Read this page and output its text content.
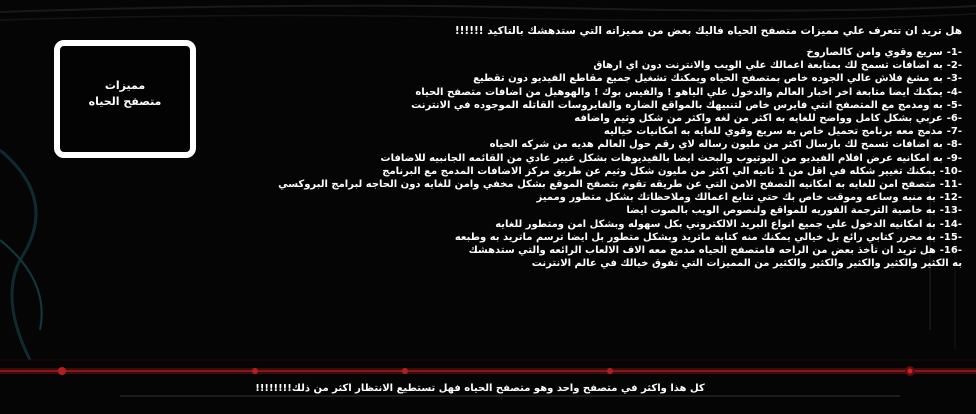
مميزات
متصفح الحياه
هل تريد ان تتعرف علي مميزات متصفح الحياه فاليك بعض من مميزاته التي ستدهشك بالتاكيد !!!!!!
-1-سريع وقوي وامن كالصاروخ
-2-به اضافات تسمح لك بمتابعة اعمالك علي الويب والانترنت دون اي ارهاق
-3-به مشغ فلاش عالي الجوده خاص بمتصفح الحياه ويمكنك تشغيل جميع مقاطع الفيديو دون تقطيع
-4-يمكنك ايضا متابعة اخر اخبار العالم والدخول علي الياهو ! والفيس بوك ! والهوهيل من اضافات متصفح الحياه
-5-به ومدمج مع المتصفح انتي فايرس خاص لتنبيهك بالمواقع الضاره والفايروسات القاتله الموجوده في الانترنت
-6-عربي بشكل كامل وواضح للغايه به اكثر من لغه واكثر من شكل وثيم واضافه
-7-مدمج معه برنامج تحميل خاص به سريع وقوي للغايه به امكانيات خياليه
-8-به اضافات تسمح لك بارسال اكثر من مليون رساله لاي رقم حول العالم هديه من شركه الحياه
-9-به امكانيه عرض افلام الفيديو من اليوتيوب والبحث ايضا بالفيديوهات بشكل غيير عادي من القائمه الجانبيه للاضافات
-10-يمكنك تغيير شكله في اقل من 1 ثانيه الي اكثر من مليون شكل وثيم عن طريق مركز الاضافات المدمج مع البرنامج
-11-متصفح امن للغايه به امكانيه التصفح الامن التي عن طريقه تقوم بتصفح الموقع بشكل مخفي وامن للغايه دون الحاجه لبرامج البروكسي
-12-به منبه وساعه وموقت خاص بك حتي تتابع اعمالك وملاحظاتك بشكل متطور ومميز
-13-به خاصية الترجمة الفوريه للمواقع ولنصوص الويب بالصوت ايضا
-14-به امكانيه الدخول علي جميع انواع البريد الالكتروني بكل سهوله وبشكل امن ومتطور للغايه
-15-به محرر كتابي رائع بل خيالي يمكنك منه كتابة ماتريد وبشكل متطور بل ايضا ترسم ماتريد به وطبعه
-16-هل تريد ان تأخذ بعض من الراحه فامتصفح الحياه مدمج معه الاف الالعاب الرائعه والتي ستدهشك
به الكثير والكثير والكثير والكثير والكثير من المميزات التي تفوق خيالك في عالم الانترنت
كل هذا واكثر في متصفح واحد وهو متصفح الحياه فهل تستطيع الانتظار اكثر من ذلك!!!!!!!!
